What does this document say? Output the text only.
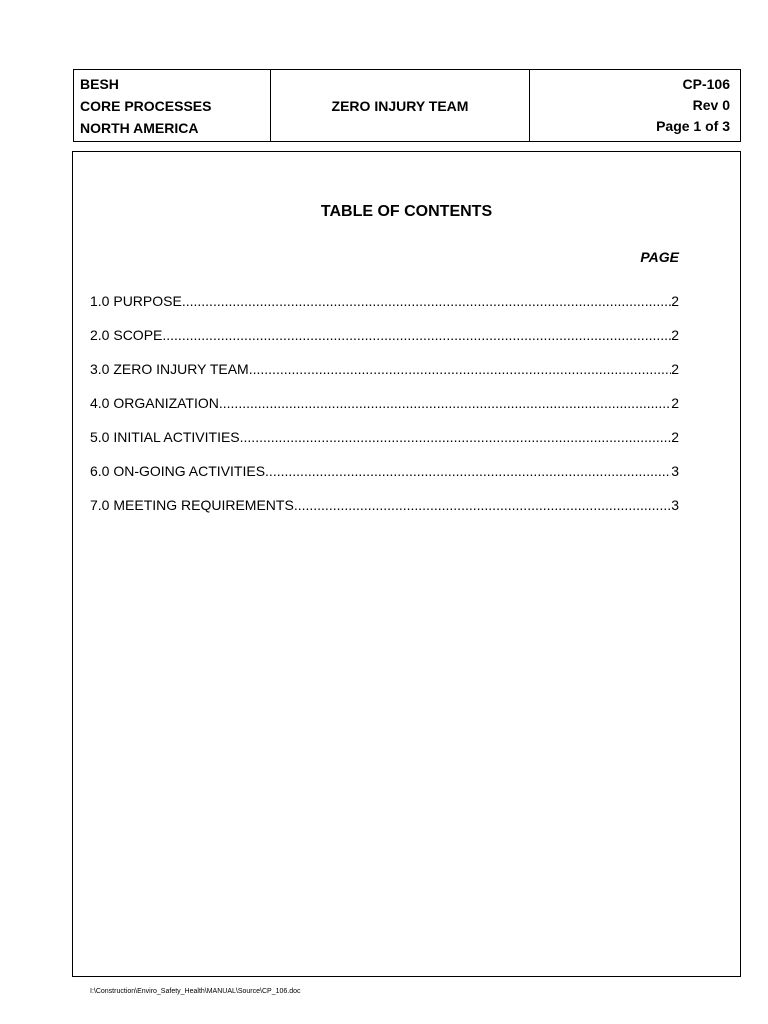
BESH
CORE PROCESSES
NORTH AMERICA
	ZERO INJURY TEAM	
CP-106
Rev 0
Page 1 of 3
TABLE OF CONTENTS
PAGE
1.0 PURPOSE .....	2
2.0 SCOPE .....	2
3.0 ZERO INJURY TEAM .....	2
4.0 ORGANIZATION .....	2
5.0 INITIAL ACTIVITIES .....	2
6.0 ON-GOING ACTIVITIES .....	3
7.0 MEETING REQUIREMENTS .....	3
I:\Construction\Enviro_Safety_Health\MANUAL\Source\CP_106.doc
